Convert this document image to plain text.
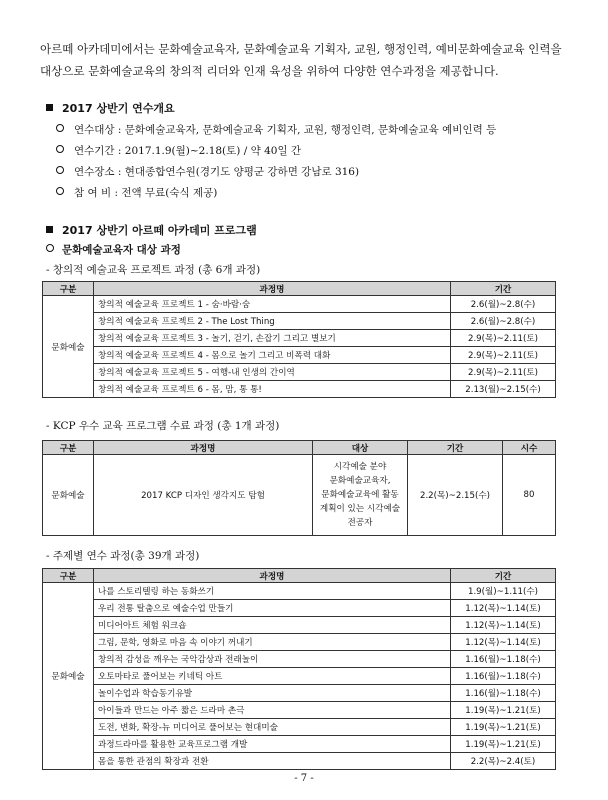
아르떼 아카데미에서는 문화예술교육자, 문화예술교육 기획자, 교원, 행정인력, 예비문화예술교육 인력을 대상으로 문화예술교육의 창의적 리더와 인재 육성을 위하여 다양한 연수과정을 제공합니다.
2017 상반기 연수개요
연수대상 : 문화예술교육자, 문화예술교육 기획자, 교원, 행정인력, 문화예술교육 예비인력 등
연수기간 : 2017.1.9(월)~2.18(토) / 약 40일 간
연수장소 : 현대종합연수원(경기도 양평군 강하면 강남로 316)
참 여 비 : 전액 무료(숙식 제공)
2017 상반기 아르떼 아카데미 프로그램
문화예술교육자 대상 과정
- 창의적 예술교육 프로젝트 과정 (총 6개 과정)
구분	과정명	기간
문화예술	창의적 예술교육 프로젝트 1 - 숨·바람·숨	2.6(월)~2.8(수)
	창의적 예술교육 프로젝트 2 - The Lost Thing	2.6(월)~2.8(수)
	창의적 예술교육 프로젝트 3 - 놀기, 걷기, 손잡기 그리고 별보기	2.9(목)~2.11(토)
	창의적 예술교육 프로젝트 4 - 몸으로 놀기 그리고 비폭력 대화	2.9(목)~2.11(토)
	창의적 예술교육 프로젝트 5 - 여행-내 인생의 간이역	2.9(목)~2.11(토)
	창의적 예술교육 프로젝트 6 - 몸, 맘, 통 통!	2.13(월)~2.15(수)
- KCP 우수 교육 프로그램 수료 과정 (총 1개 과정)
구분	과정명	대상	기간	시수
문화예술	2017 KCP 디자인 생각지도 탐험	시각예술 분야
문화예술교육자,
문화예술교육에 활동
계획이 있는 시각예술
전공자	2.2(목)~2.15(수)	80
- 주제별 연수 과정(총 39개 과정)
구분	과정명	기간
문화예술	나를 스토리텔링 하는 동화쓰기	1.9(월)~1.11(수)
	우리 전통 탈춤으로 예술수업 만들기	1.12(목)~1.14(토)
	미디어아트 체험 워크숍	1.12(목)~1.14(토)
	그림, 문학, 영화로 마음 속 이야기 꺼내기	1.12(목)~1.14(토)
	창의적 감성을 깨우는 국악감상과 전래놀이	1.16(월)~1.18(수)
	오토마타로 풀어보는 키네틱 아트	1.16(월)~1.18(수)
	놀이수업과 학습동기유발	1.16(월)~1.18(수)
	아이들과 만드는 아주 짧은 드라마 촌극	1.19(목)~1.21(토)
	도전, 변화, 확장-뉴 미디어로 풀어보는 현대미술	1.19(목)~1.21(토)
	과정드라마를 활용한 교육프로그램 개발	1.19(목)~1.21(토)
	몸을 통한 관점의 확장과 전환	2.2(목)~2.4(토)
- 7 -
